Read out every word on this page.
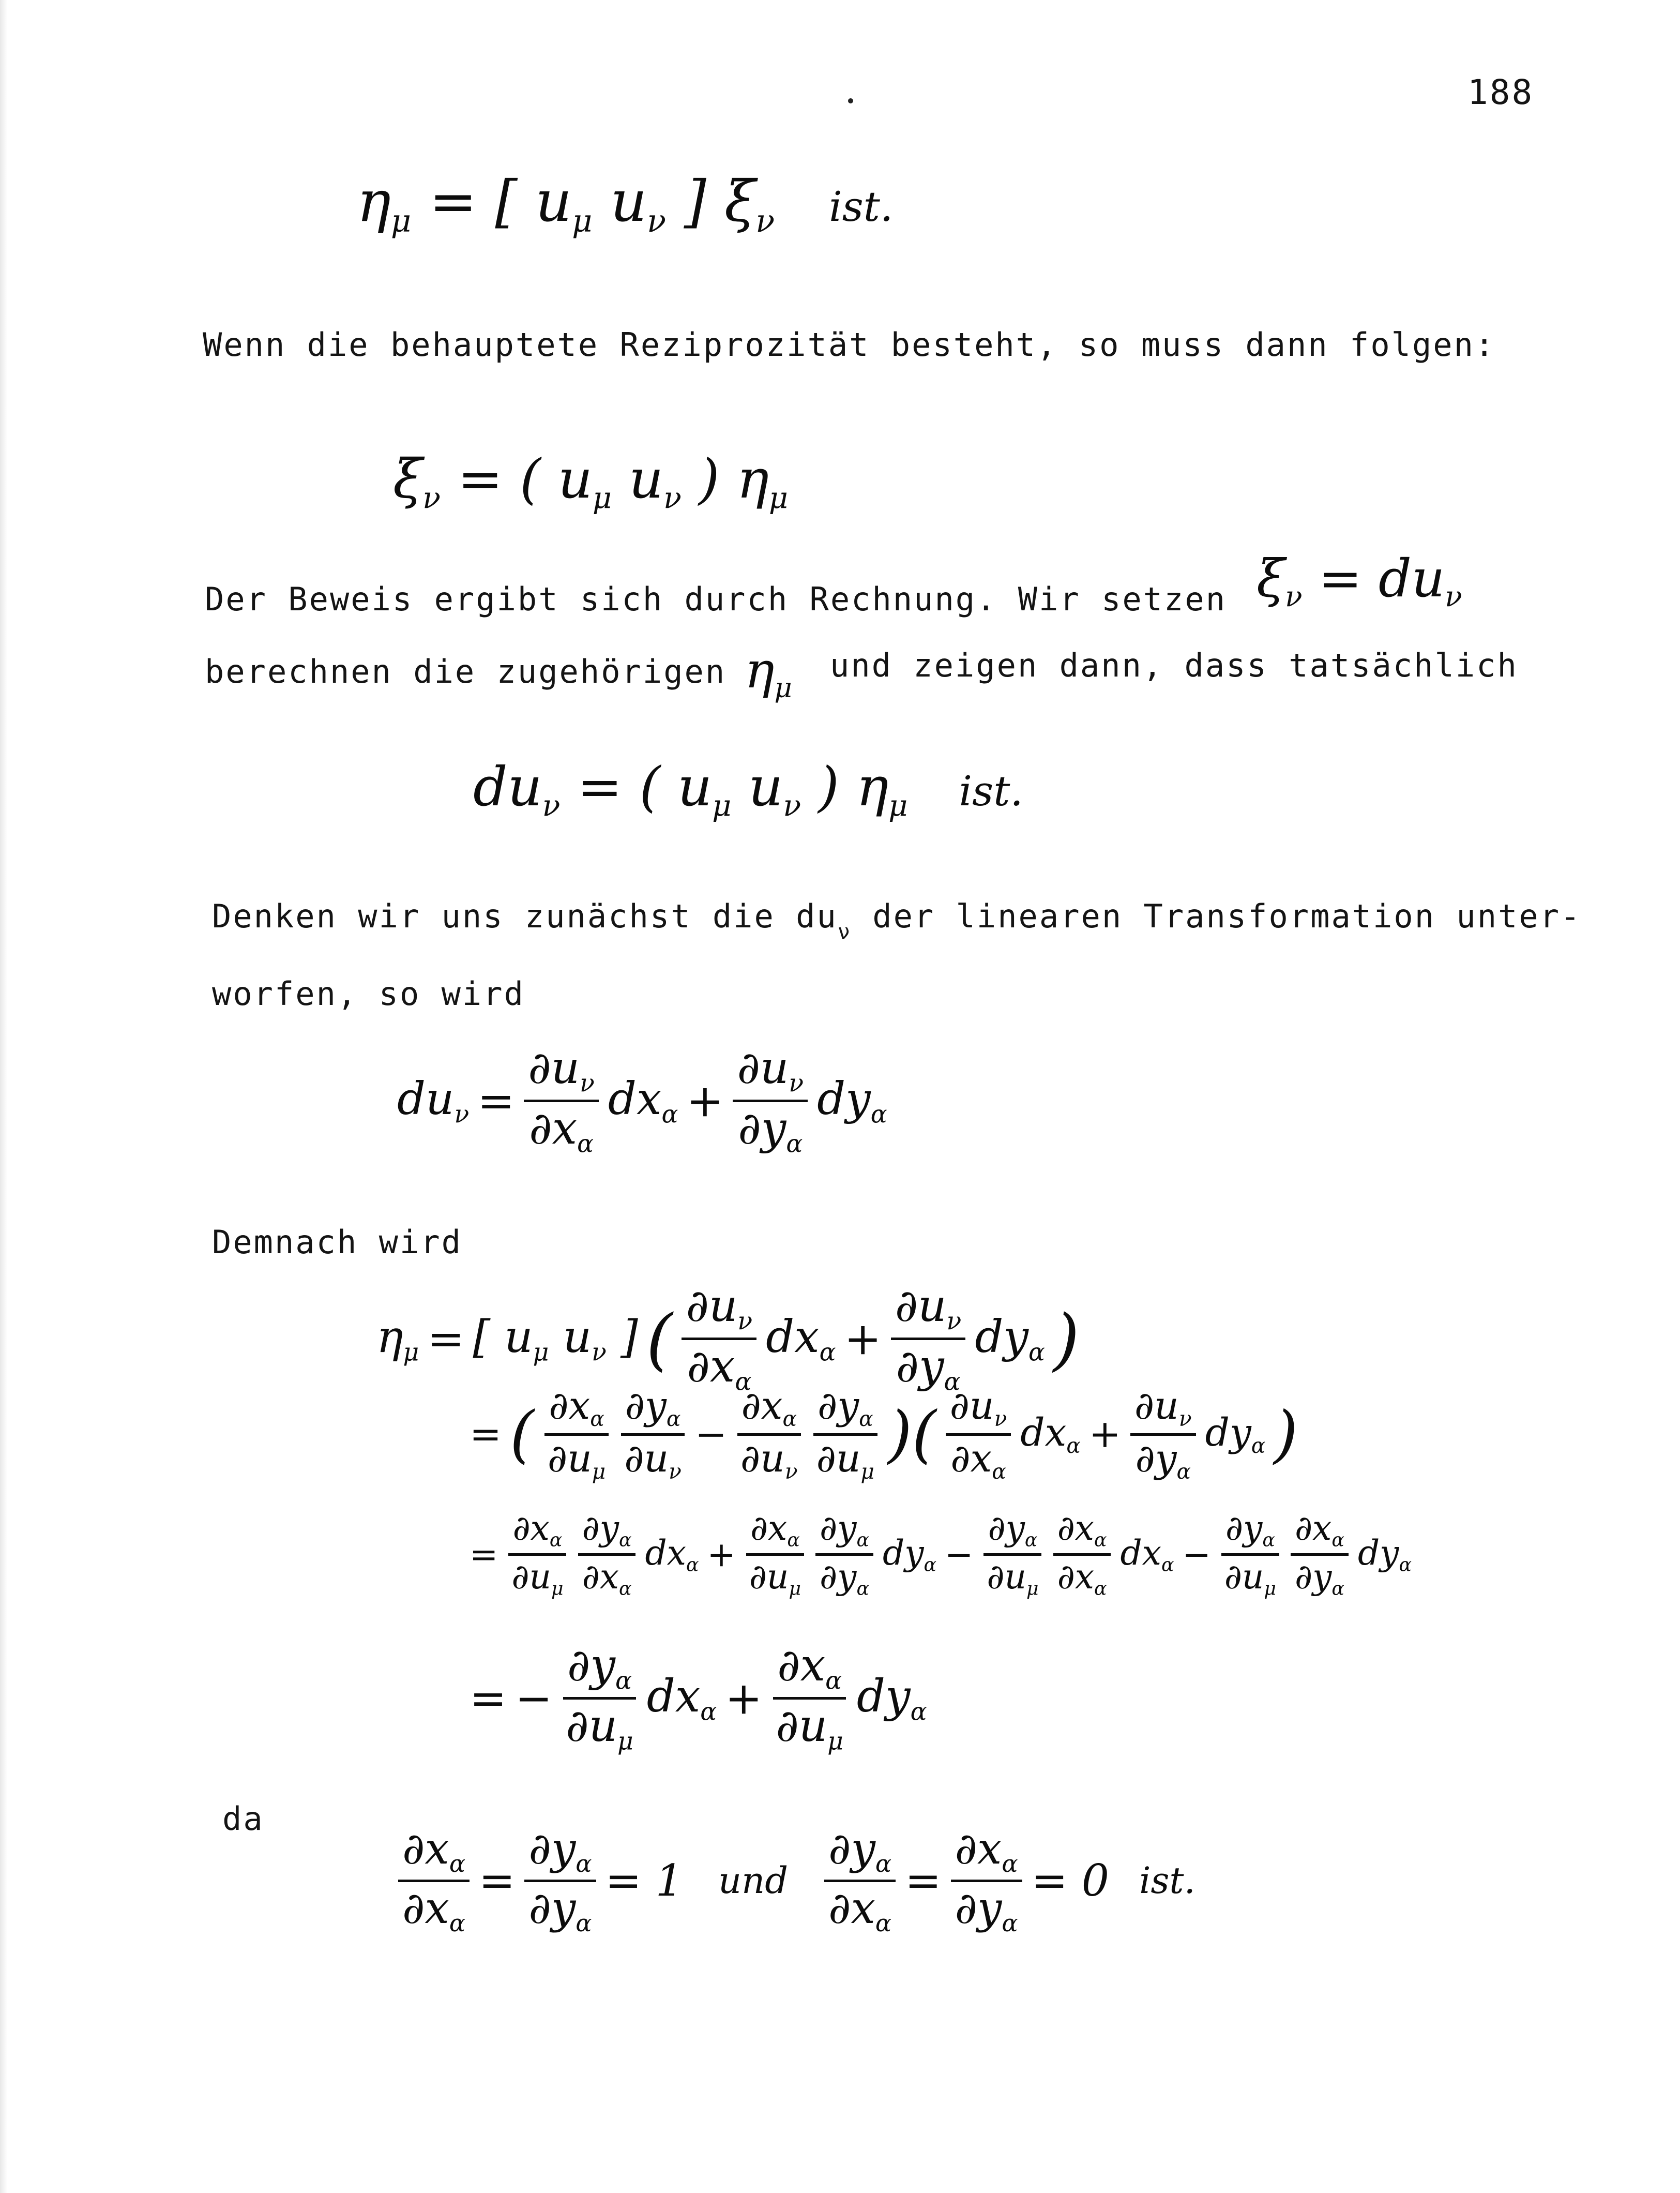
188
$\eta_\mu$ = [ $u_\mu$ $u_\nu$ ] $\xi_\nu$ ist.
Wenn die behauptete Reziprozität besteht, so muss dann folgen:
$\xi_\nu$ = ( $u_\mu$ $u_\nu$ ) $\eta_\mu$
Der Beweis ergibt sich durch Rechnung. Wir setzen $\xi_\nu = du_\nu$
berechnen die zugehörigen $\eta_\mu$
und zeigen dann, dass tatsächlich
$du_\nu$ = ( $u_\mu$ $u_\nu$ ) $\eta_\mu$ ist.
Denken wir uns zunächst die $du_\nu$ der linearen Transformation unter-
worfen, so wird
$du_\nu = \frac{\partial u_\nu}{\partial x_\alpha} dx_\alpha + \frac{\partial u_\nu}{\partial y_\alpha} dy_\alpha$
Demnach wird
$\eta_\mu$ = [ $u_\mu$ $u_\nu$ ] ( $\frac{\partial u_\nu}{\partial x_\alpha} dx_\alpha + \frac{\partial u_\nu}{\partial y_\alpha} dy_\alpha$ )
= ( $\frac{\partial x_\alpha}{\partial u_\mu} \frac{\partial y_\alpha}{\partial u_\nu} - \frac{\partial x_\alpha}{\partial u_\nu} \frac{\partial y_\alpha}{\partial u_\mu}$ )( $\frac{\partial u_\nu}{\partial x_\alpha} dx_\alpha + \frac{\partial u_\nu}{\partial y_\alpha} dy_\alpha$ )
= $\frac{\partial x_\alpha}{\partial u_\mu} \frac{\partial y_\alpha}{\partial x_\alpha} dx_\alpha + \frac{\partial x_\alpha}{\partial u_\mu} \frac{\partial y_\alpha}{\partial y_\alpha} dy_\alpha - \frac{\partial y_\alpha}{\partial u_\mu} \frac{\partial x_\alpha}{\partial x_\alpha} dx_\alpha - \frac{\partial y_\alpha}{\partial u_\mu} \frac{\partial x_\alpha}{\partial y_\alpha} dy_\alpha$
= − $\frac{\partial y_\alpha}{\partial u_\mu} dx_\alpha + \frac{\partial x_\alpha}{\partial u_\mu} dy_\alpha$
da
$\frac{\partial x_\alpha}{\partial x_\alpha} = \frac{\partial y_\alpha}{\partial y_\alpha} = 1$ und $\frac{\partial y_\alpha}{\partial x_\alpha} = \frac{\partial x_\alpha}{\partial y_\alpha} = 0$ ist.
